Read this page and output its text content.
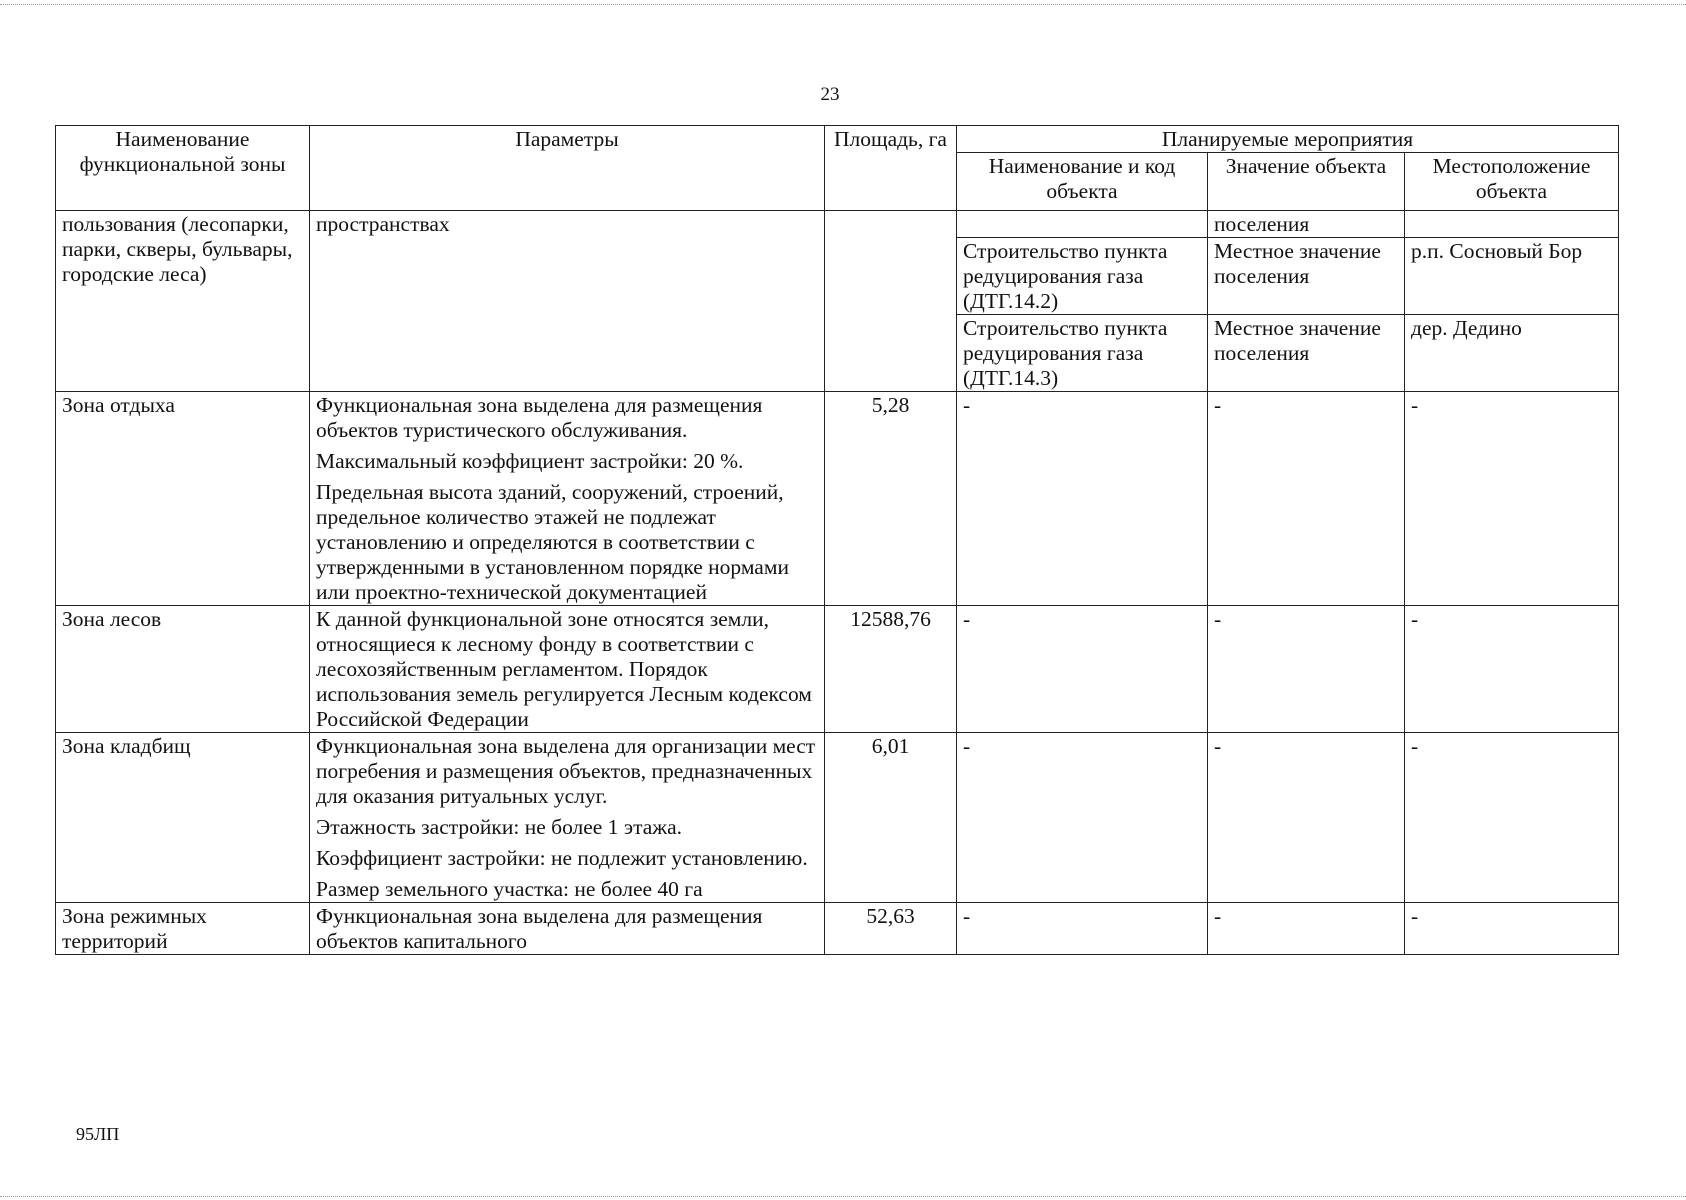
23
Наименование функциональной зоны	Параметры	Площадь, га	Планируемые мероприятия		
			Наименование и код объекта	Значение объекта	Местоположение объекта
пользования (лесопарки, парки, скверы, бульвары, городские леса)	пространствах			поселения	
			Строительство пункта редуцирования газа (ДТГ.14.2)	Местное значение поселения	р.п. Сосновый Бор
			Строительство пункта редуцирования газа (ДТГ.14.3)	Местное значение поселения	дер. Дедино
Зона отдыха	Функциональная зона выделена для размещения объектов туристического обслуживания.
Максимальный коэффициент застройки: 20 %.
Предельная высота зданий, сооружений, строений, предельное количество этажей не подлежат установлению и определяются в соответствии с утвержденными в установленном порядке нормами или проектно-технической документацией	5,28	-	-	-
Зона лесов	К данной функциональной зоне относятся земли, относящиеся к лесному фонду в соответствии с лесохозяйственным регламентом. Порядок использования земель регулируется Лесным кодексом Российской Федерации	12588,76	-	-	-
Зона кладбищ	Функциональная зона выделена для организации мест погребения и размещения объектов, предназначенных для оказания ритуальных услуг.
Этажность застройки: не более 1 этажа.
Коэффициент застройки: не подлежит установлению.
Размер земельного участка: не более 40 га	6,01	-	-	-
Зона режимных территорий	Функциональная зона выделена для размещения объектов капитального	52,63	-	-	-
95ЛП
